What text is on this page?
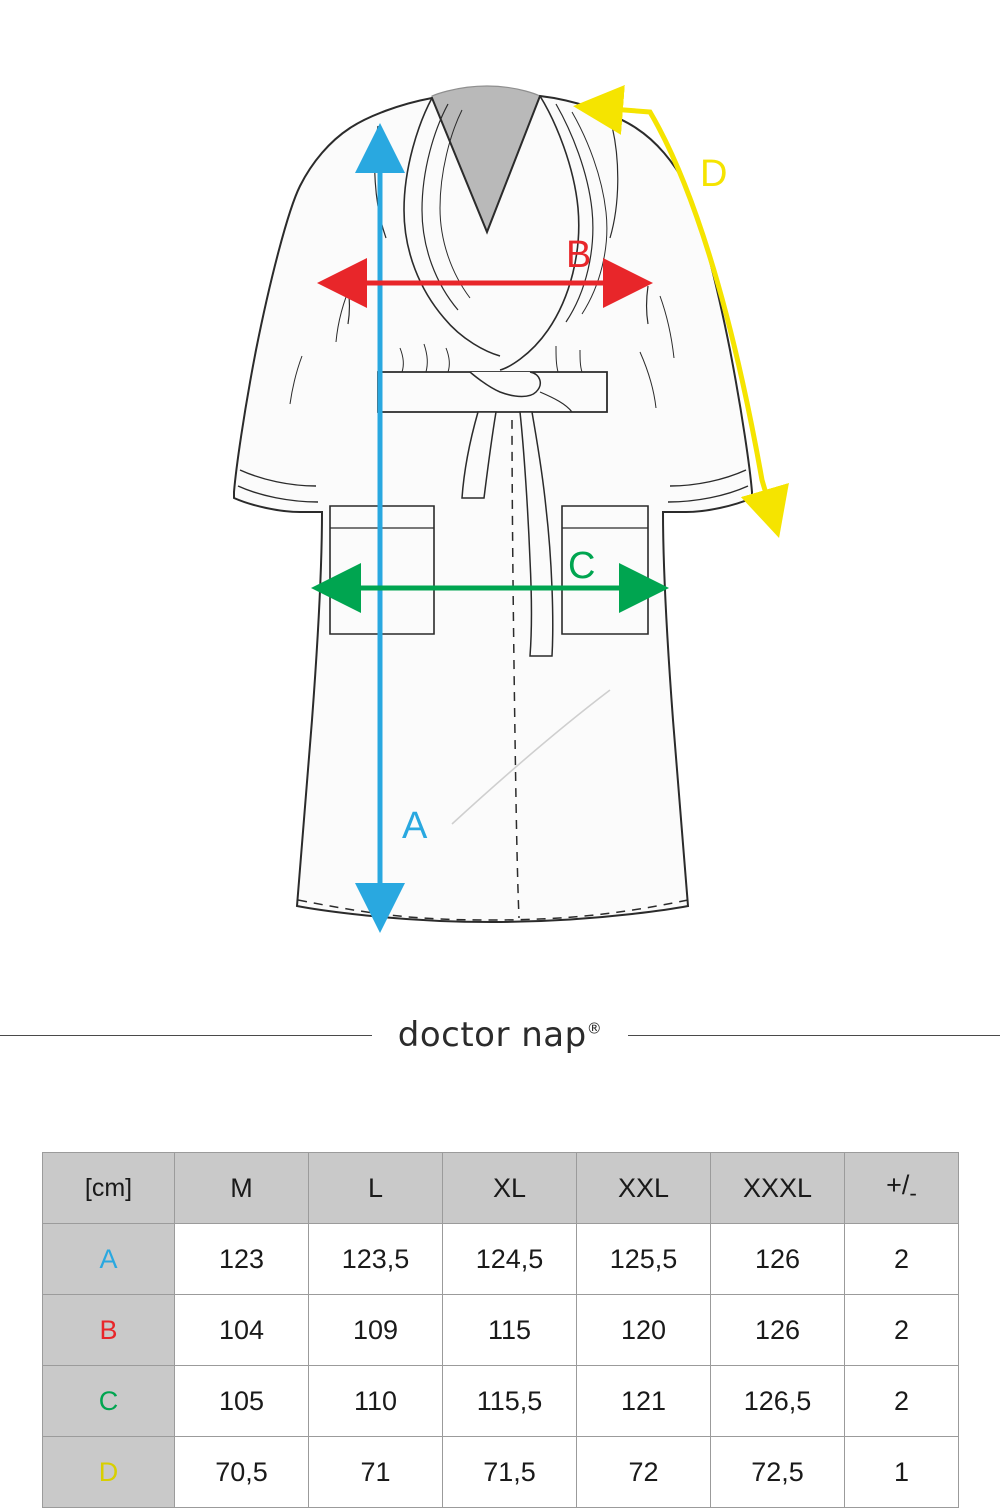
A
B
C
D
doctor nap®
[cm]	M	L	XL	XXL	XXXL	$+/_-$
A	123	123,5	124,5	125,5	126	2
B	104	109	115	120	126	2
C	105	110	115,5	121	126,5	2
D	70,5	71	71,5	72	72,5	1
